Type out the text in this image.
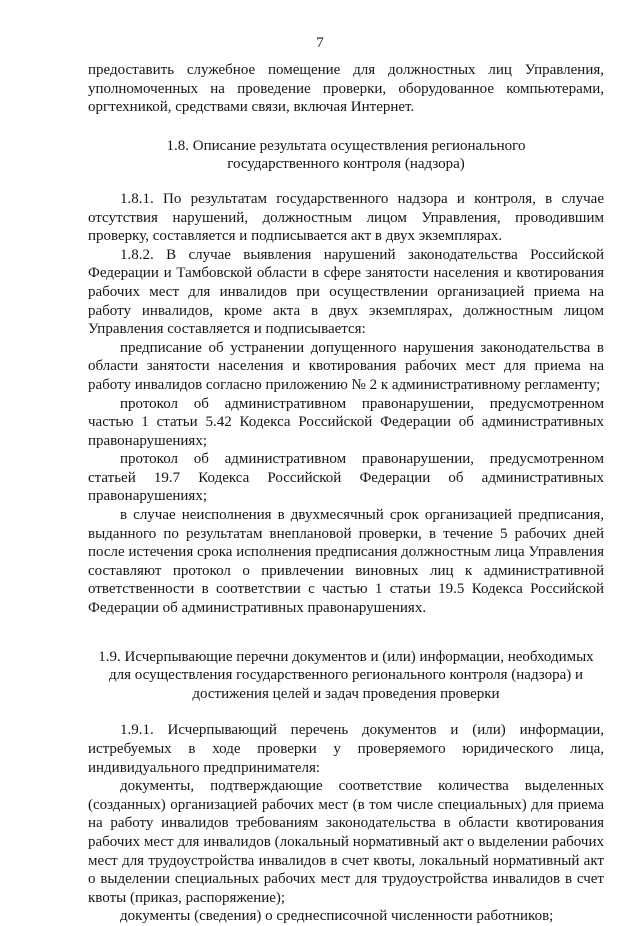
7

предоставить служебное помещение для должностных лиц Управления, уполномоченных на проведение проверки, оборудованное компьютерами, оргтехникой, средствами связи, включая Интернет.

1.8. Описание результата осуществления регионального государственного контроля (надзора)

1.8.1. По результатам государственного надзора и контроля, в случае отсутствия нарушений, должностным лицом Управления, проводившим проверку, составляется и подписывается акт в двух экземплярах.

1.8.2. В случае выявления нарушений законодательства Российской Федерации и Тамбовской области в сфере занятости населения и квотирования рабочих мест для инвалидов при осуществлении организацией приема на работу инвалидов, кроме акта в двух экземплярах, должностным лицом Управления составляется и подписывается:

предписание об устранении допущенного нарушения законодательства в области занятости населения и квотирования рабочих мест для приема на работу инвалидов согласно приложению № 2 к административному регламенту;

протокол об административном правонарушении, предусмотренном частью 1 статьи 5.42 Кодекса Российской Федерации об административных правонарушениях;

протокол об административном правонарушении, предусмотренном статьей 19.7 Кодекса Российской Федерации об административных правонарушениях;

в случае неисполнения в двухмесячный срок организацией предписания, выданного по результатам внеплановой проверки, в течение 5 рабочих дней после истечения срока исполнения предписания должностным лица Управления составляют протокол о привлечении виновных лиц к административной ответственности в соответствии с частью 1 статьи 19.5 Кодекса Российской Федерации об административных правонарушениях.

1.9. Исчерпывающие перечни документов и (или) информации, необходимых для осуществления государственного регионального контроля (надзора) и достижения целей и задач проведения проверки

1.9.1. Исчерпывающий перечень документов и (или) информации, истребуемых в ходе проверки у проверяемого юридического лица, индивидуального предпринимателя:

документы, подтверждающие соответствие количества выделенных (созданных) организацией рабочих мест (в том числе специальных) для приема на работу инвалидов требованиям законодательства в области квотирования рабочих мест для инвалидов (локальный нормативный акт о выделении рабочих мест для трудоустройства инвалидов в счет квоты, локальный нормативный акт о выделении специальных рабочих мест для трудоустройства инвалидов в счет квоты (приказ, распоряжение);

документы (сведения) о среднесписочной численности работников;
